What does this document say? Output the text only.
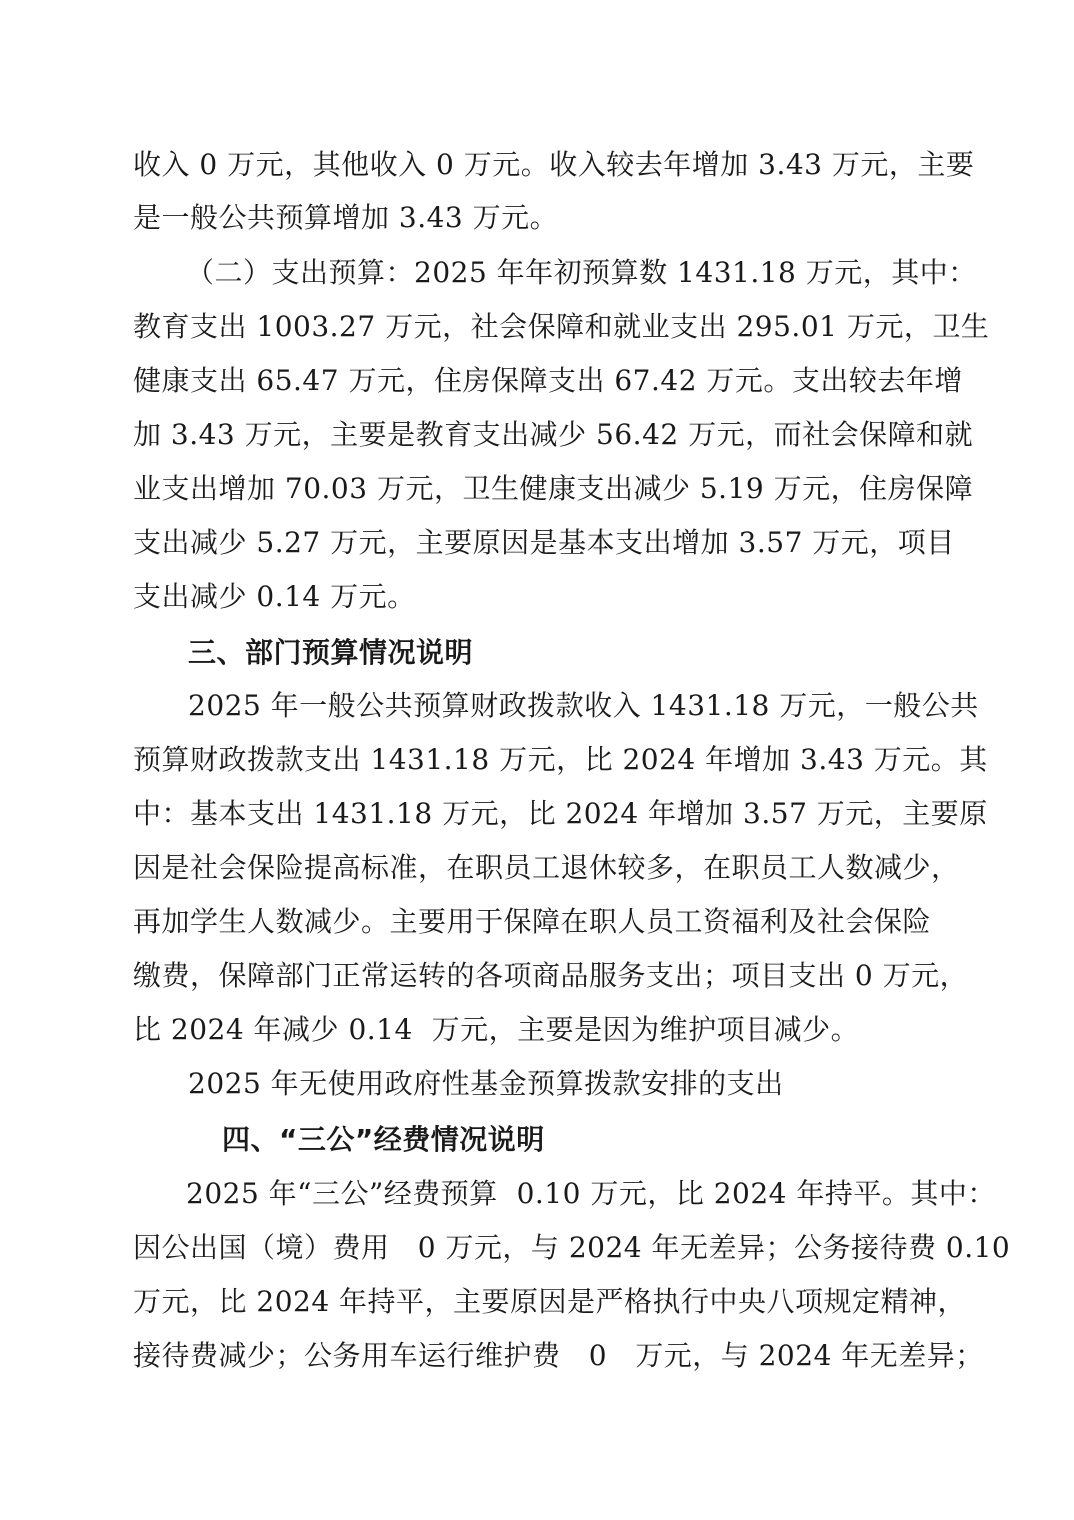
收入 0 万元，其他收入 0 万元。收入较去年增加 3.43 万元，主要
是一般公共预算增加 3.43 万元。
（二）支出预算：2025 年年初预算数 1431.18 万元，其中：
教育支出 1003.27 万元，社会保障和就业支出 295.01 万元，卫生
健康支出 65.47 万元，住房保障支出 67.42 万元。支出较去年增
加 3.43 万元，主要是教育支出减少 56.42 万元，而社会保障和就
业支出增加 70.03 万元，卫生健康支出减少 5.19 万元，住房保障
支出减少 5.27 万元，主要原因是基本支出增加 3.57 万元，项目
支出减少 0.14 万元。
三、部门预算情况说明
2025 年一般公共预算财政拨款收入 1431.18 万元，一般公共
预算财政拨款支出 1431.18 万元，比 2024 年增加 3.43 万元。其
中：基本支出 1431.18 万元，比 2024 年增加 3.57 万元，主要原
因是社会保险提高标准，在职员工退休较多，在职员工人数减少，
再加学生人数减少。主要用于保障在职人员工资福利及社会保险
缴费，保障部门正常运转的各项商品服务支出；项目支出 0 万元，
比 2024 年减少 0.14  万元，主要是因为维护项目减少。
2025 年无使用政府性基金预算拨款安排的支出
四、“三公”经费情况说明
2025 年“三公”经费预算  0.10 万元，比 2024 年持平。其中：
因公出国（境）费用   0 万元，与 2024 年无差异；公务接待费 0.10
万元，比 2024 年持平，主要原因是严格执行中央八项规定精神，
接待费减少；公务用车运行维护费   0   万元，与 2024 年无差异；
